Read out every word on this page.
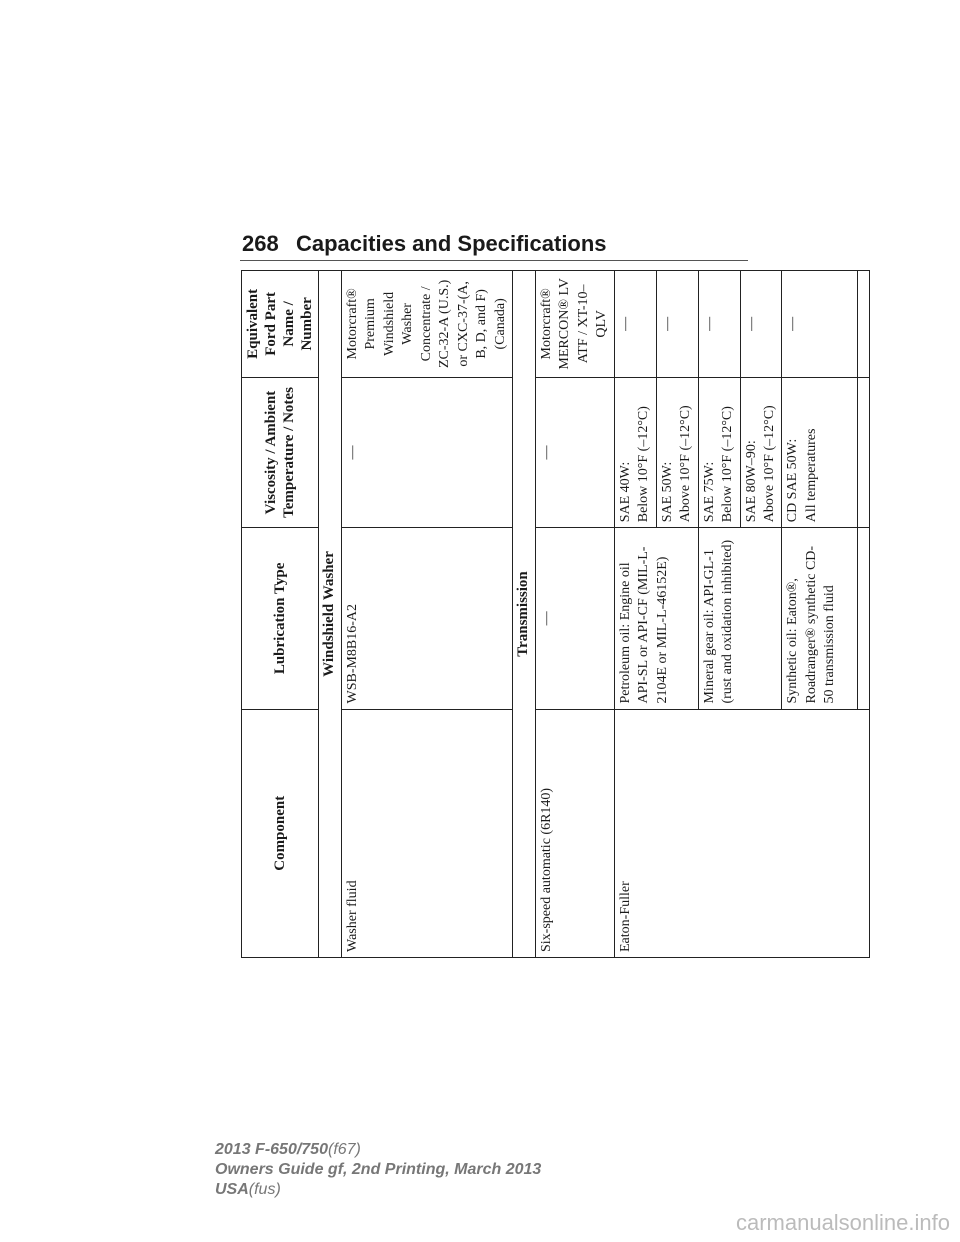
268 Capacities and Specifications
Component	Lubrication Type	Viscosity / Ambient Temperature / Notes	Equivalent Ford Part Name / Number
Windshield Washer			
Washer fluid	WSB-M8B16-A2	—	Motorcraft® Premium Windshield Washer Concentrate / ZC-32-A (U.S.) or CXC-37-(A, B, D, and F) (Canada)
Transmission			
Six-speed automatic (6R140)	—	—	Motorcraft® MERCON® LV ATF / XT-10–QLV
Eaton-Fuller	Petroleum oil: Engine oil API-SL or API-CF (MIL-L-2104E or MIL-L-46152E)	SAE 40W: Below 10°F (–12°C)	—

		SAE 50W: Above 10°F (–12°C)	—
	Mineral gear oil: API-GL-1 (rust and oxidation inhibited)	SAE 75W: Below 10°F (–12°C)	—

		SAE 80W–90: Above 10°F (–12°C)	—
	Synthetic oil: Eaton®, Roadranger® synthetic CD-50 transmission fluid	CD SAE 50W: All temperatures	—

2013 F-650/750(f67)
Owners Guide gf, 2nd Printing, March 2013
USA(fus)
carmanualsonline.info
